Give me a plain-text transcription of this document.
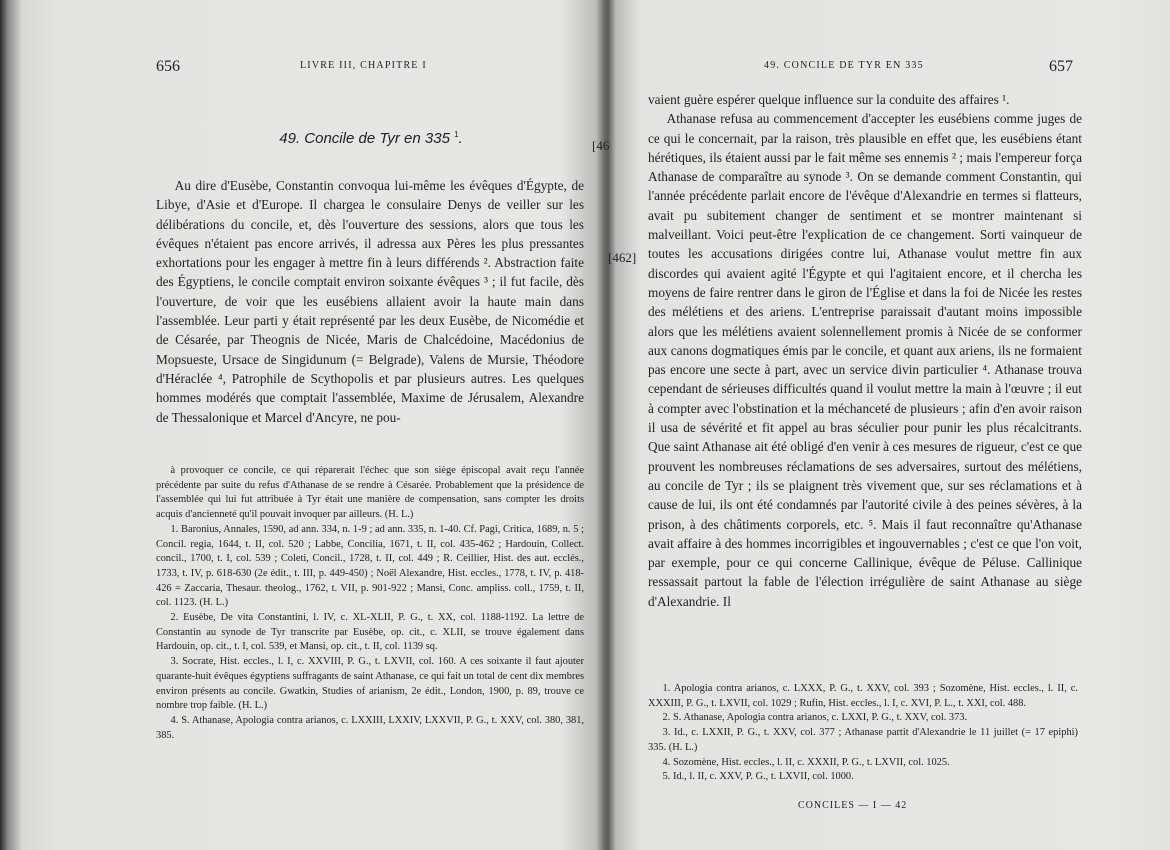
656	LIVRE III, CHAPITRE I
49. Concile de Tyr en 335 $^1$.	[46

Au dire d'Eusèbe, Constantin convoqua lui-même les évêques d'Égypte, de Libye, d'Asie et d'Europe. Il chargea le consulaire Denys de veiller sur les délibérations du concile, et, dès l'ouverture des sessions, alors que tous les évêques n'étaient pas encore arrivés, il adressa aux Pères les plus pressantes exhortations pour les engager à mettre fin à leurs différends ². Abstraction faite des Égyptiens, le concile comptait environ soixante évêques ³ ; il fut facile, dès l'ouverture, de voir que les eusébiens allaient avoir la haute main dans l'assemblée. Leur parti y était représenté par les deux Eusèbe, de Nicomédie et de Césarée, par Theognis de Nicée, Maris de Chalcédoine, Macédonius de Mopsueste, Ursace de Singidunum (= Belgrade), Valens de Mursie, Théodore d'Héraclée ⁴, Patrophile de Scythopolis et par plusieurs autres. Les quelques hommes modérés que comptait l'assemblée, Maxime de Jérusalem, Alexandre de Thessalonique et Marcel d'Ancyre, ne pou-

à provoquer ce concile, ce qui réparerait l'échec que son siège épiscopal avait reçu l'année précédente par suite du refus d'Athanase de se rendre à Césarée. Probablement que la présidence de l'assemblée qui lui fut attribuée à Tyr était une manière de compensation, sans compter les droits acquis d'ancienneté qu'il pouvait invoquer par ailleurs. (H. L.)

1. Baronius, Annales, 1590, ad ann. 334, n. 1-9 ; ad ann. 335, n. 1-40. Cf. Pagi, Critica, 1689, n. 5 ; Concil. regia, 1644, t. II, col. 520 ; Labbe, Concilia, 1671, t. II, col. 435-462 ; Hardouin, Collect. concil., 1700, t. I, col. 539 ; Coleti, Concil., 1728, t. II, col. 449 ; R. Ceillier, Hist. des aut. ecclés., 1733, t. IV, p. 618-630 (2e édit., t. III, p. 449-450) ; Noël Alexandre, Hist. eccles., 1778, t. IV, p. 418-426 = Zaccaria, Thesaur. theolog., 1762, t. VII, p. 901-922 ; Mansi, Conc. ampliss. coll., 1759, t. II, col. 1123. (H. L.)

2. Eusèbe, De vita Constantini, l. IV, c. XL-XLII, P. G., t. XX, col. 1188-1192. La lettre de Constantin au synode de Tyr transcrite par Eusèbe, op. cit., c. XLII, se trouve également dans Hardouin, op. cit., t. I, col. 539, et Mansi, op. cit., t. II, col. 1139 sq.

3. Socrate, Hist. eccles., l. I, c. XXVIII, P. G., t. LXVII, col. 160. A ces soixante il faut ajouter quarante-huit évêques égyptiens suffragants de saint Athanase, ce qui fait un total de cent dix membres environ présents au concile. Gwatkin, Studies of arianism, 2e édit., London, 1900, p. 89, trouve ce nombre trop faible. (H. L.)

4. S. Athanase, Apologia contra arianos, c. LXXIII, LXXIV, LXXVII, P. G., t. XXV, col. 380, 381, 385.

49. CONCILE DE TYR EN 335	657
[462]

vaient guère espérer quelque influence sur la conduite des affaires ¹.

Athanase refusa au commencement d'accepter les eusébiens comme juges de ce qui le concernait, par la raison, très plausible en effet que, les eusébiens étant hérétiques, ils étaient aussi par le fait même ses ennemis ² ; mais l'empereur força Athanase de comparaître au synode ³. On se demande comment Constantin, qui l'année précédente parlait encore de l'évêque d'Alexandrie en termes si flatteurs, avait pu subitement changer de sentiment et se montrer maintenant si malveillant. Voici peut-être l'explication de ce changement. Sorti vainqueur de toutes les accusations dirigées contre lui, Athanase voulut mettre fin aux discordes qui avaient agité l'Égypte et qui l'agitaient encore, et il chercha les moyens de faire rentrer dans le giron de l'Église et dans la foi de Nicée les restes des mélétiens et des ariens. L'entreprise paraissait d'autant moins impossible alors que les mélétiens avaient solennellement promis à Nicée de se conformer aux canons dogmatiques émis par le concile, et quant aux ariens, ils ne formaient pas encore une secte à part, avec un service divin particulier ⁴. Athanase trouva cependant de sérieuses difficultés quand il voulut mettre la main à l'œuvre ; il eut à compter avec l'obstination et la méchanceté de plusieurs ; afin d'en avoir raison il usa de sévérité et fit appel au bras séculier pour punir les plus récalcitrants. Que saint Athanase ait été obligé d'en venir à ces mesures de rigueur, c'est ce que prouvent les nombreuses réclamations de ses adversaires, surtout des mélétiens, au concile de Tyr ; ils se plaignent très vivement que, sur ses réclamations et à cause de lui, ils ont été condamnés par l'autorité civile à des peines sévères, à la prison, à des châtiments corporels, etc. ⁵. Mais il faut reconnaître qu'Athanase avait affaire à des hommes incorrigibles et ingouvernables ; c'est ce que l'on voit, par exemple, pour ce qui concerne Callinique, évêque de Péluse. Callinique ressassait partout la fable de l'élection irrégulière de saint Athanase au siège d'Alexandrie. Il

1. Apologia contra arianos, c. LXXX, P. G., t. XXV, col. 393 ; Sozomène, Hist. eccles., l. II, c. XXXIII, P. G., t. LXVII, col. 1029 ; Rufin, Hist. eccles., l. I, c. XVI, P. L., t. XXI, col. 488.

2. S. Athanase, Apologia contra arianos, c. LXXI, P. G., t. XXV, col. 373.

3. Id., c. LXXII, P. G., t. XXV, col. 377 ; Athanase partit d'Alexandrie le 11 juillet (= 17 epiphi) 335. (H. L.)

4. Sozomène, Hist. eccles., l. II, c. XXXII, P. G., t. LXVII, col. 1025.

5. Id., l. II, c. XXV, P. G., t. LXVII, col. 1000.

CONCILES — I — 42
